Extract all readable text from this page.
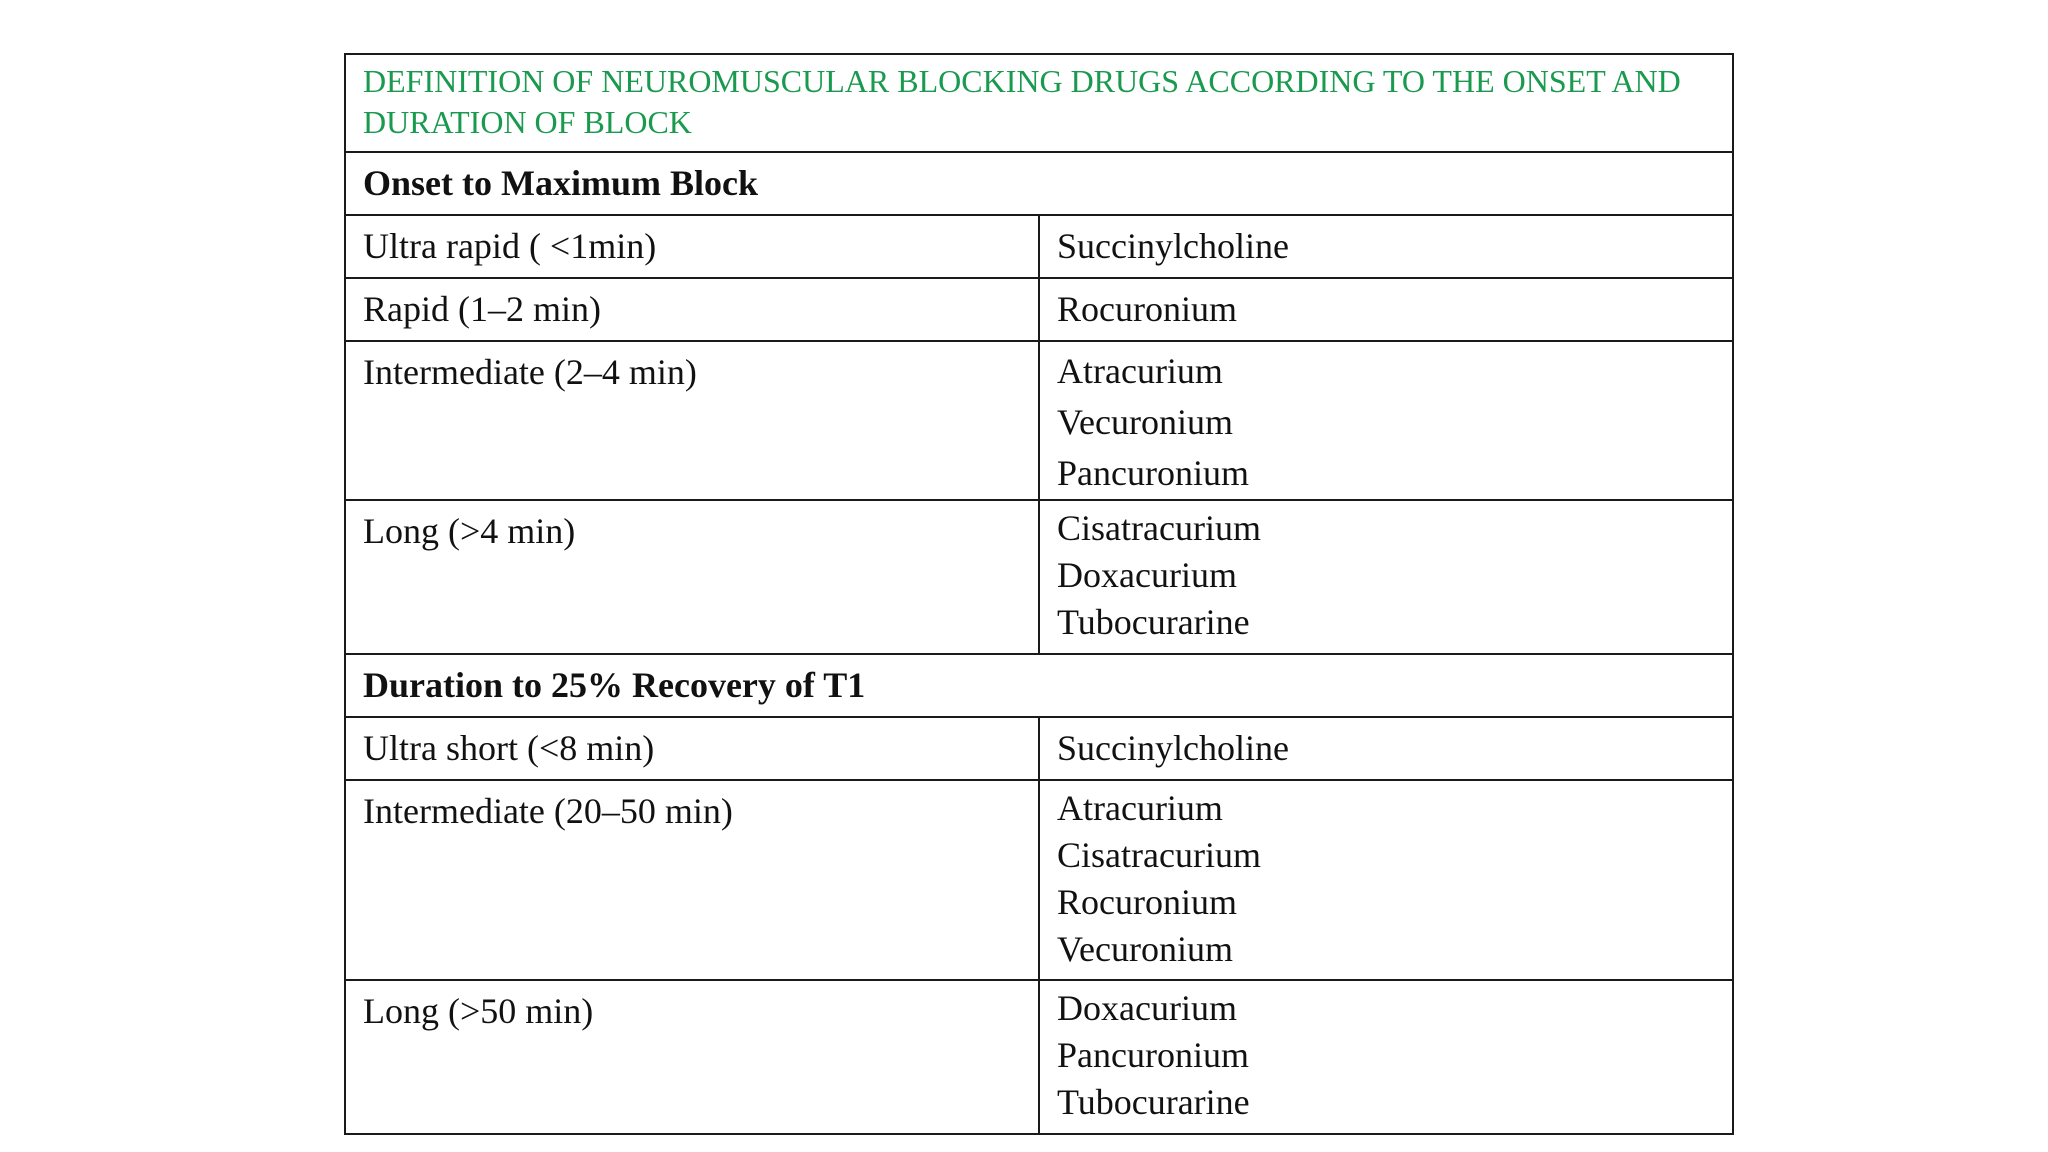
DEFINITION OF NEUROMUSCULAR BLOCKING DRUGS ACCORDING TO THE ONSET AND DURATION OF BLOCK	
Onset to Maximum Block	
Ultra rapid ( <1min)	Succinylcholine

Rapid (1–2 min)	Rocuronium

Intermediate (2–4 min)	Atracurium
Vecuronium
Pancuronium

Long (>4 min)	Cisatracurium
Doxacurium
Tubocurarine

Duration to 25% Recovery of T1	
Ultra short (<8 min)	Succinylcholine

Intermediate (20–50 min)	Atracurium
Cisatracurium
Rocuronium
Vecuronium

Long (>50 min)	Doxacurium
Pancuronium
Tubocurarine
